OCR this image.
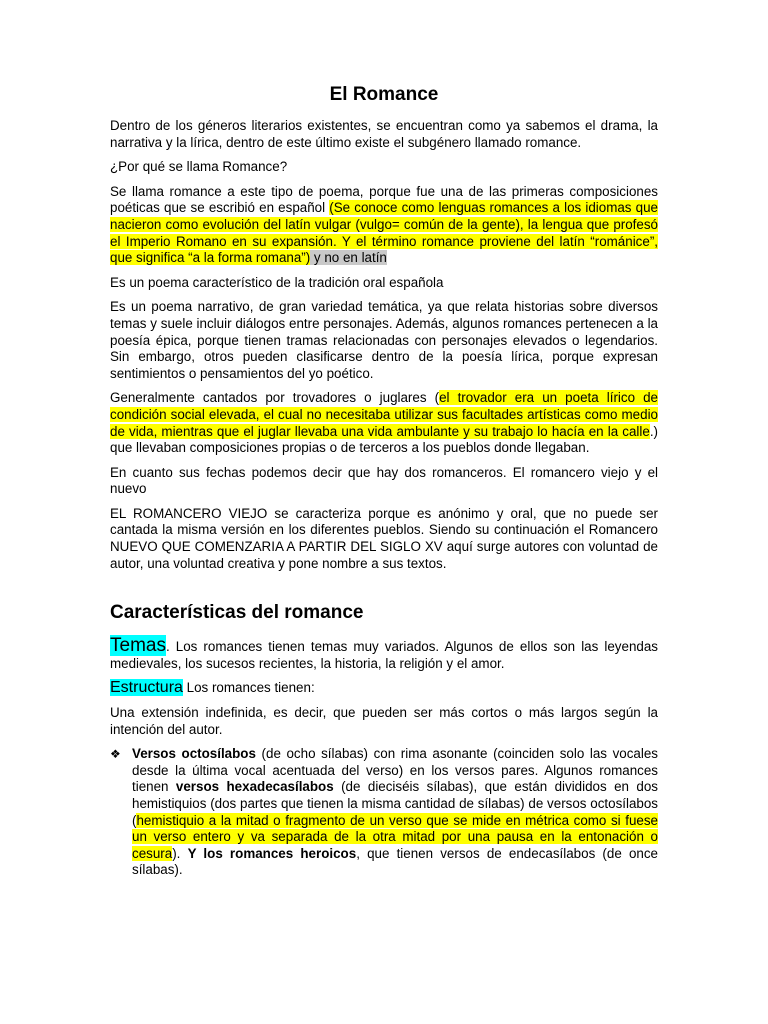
El Romance

Dentro de los géneros literarios existentes, se encuentran como ya sabemos el drama, la narrativa y la lírica, dentro de este último existe el subgénero llamado romance.

¿Por qué se llama Romance?

Se llama romance a este tipo de poema, porque fue una de las primeras composiciones poéticas que se escribió en español (Se conoce como lenguas romances a los idiomas que nacieron como evolución del latín vulgar (vulgo= común de la gente), la lengua que profesó el Imperio Romano en su expansión. Y el término romance proviene del latín “románice”, que significa “a la forma romana”) y no en latín

Es un poema característico de la tradición oral española

Es un poema narrativo, de gran variedad temática, ya que relata historias sobre diversos temas y suele incluir diálogos entre personajes. Además, algunos romances pertenecen a la poesía épica, porque tienen tramas relacionadas con personajes elevados o legendarios. Sin embargo, otros pueden clasificarse dentro de la poesía lírica, porque expresan sentimientos o pensamientos del yo poético.

Generalmente cantados por trovadores o juglares (el trovador era un poeta lírico de condición social elevada, el cual no necesitaba utilizar sus facultades artísticas como medio de vida, mientras que el juglar llevaba una vida ambulante y su trabajo lo hacía en la calle.) que llevaban composiciones propias o de terceros a los pueblos donde llegaban.

En cuanto sus fechas podemos decir que hay dos romanceros. El romancero viejo y el nuevo

EL ROMANCERO VIEJO se caracteriza porque es anónimo y oral, que no puede ser cantada la misma versión en los diferentes pueblos. Siendo su continuación el Romancero NUEVO QUE COMENZARIA A PARTIR DEL SIGLO XV aquí surge autores con voluntad de autor, una voluntad creativa y pone nombre a sus textos.

Características del romance

Temas. Los romances tienen temas muy variados. Algunos de ellos son las leyendas medievales, los sucesos recientes, la historia, la religión y el amor.

Estructura Los romances tienen:

Una extensión indefinida, es decir, que pueden ser más cortos o más largos según la intención del autor.

❖ Versos octosílabos (de ocho sílabas) con rima asonante (coinciden solo las vocales desde la última vocal acentuada del verso) en los versos pares. Algunos romances tienen versos hexadecasílabos (de dieciséis sílabas), que están divididos en dos hemistiquios (dos partes que tienen la misma cantidad de sílabas) de versos octosílabos (hemistiquio a la mitad o fragmento de un verso que se mide en métrica como si fuese un verso entero y va separada de la otra mitad por una pausa en la entonación o cesura). Y los romances heroicos, que tienen versos de endecasílabos (de once sílabas).
